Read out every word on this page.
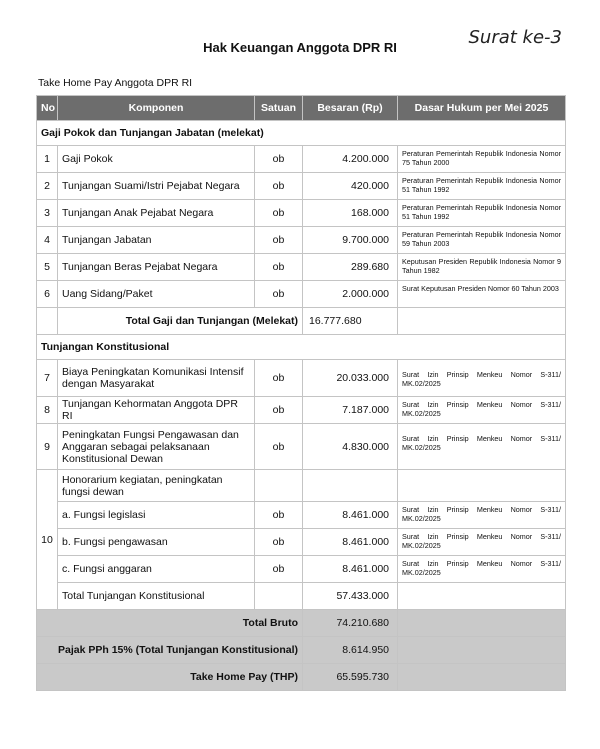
Surat ke-3
Hak Keuangan Anggota DPR RI
Take Home Pay Anggota DPR RI
No	Komponen	Satuan	Besaran (Rp)	Dasar Hukum per Mei 2025
Gaji Pokok dan Tunjangan Jabatan (melekat)				
1	Gaji Pokok	ob	4.200.000	Peraturan Pemerintah Republik Indonesia Nomor 75 Tahun 2000
2	Tunjangan Suami/Istri Pejabat Negara	ob	420.000	Peraturan Pemerintah Republik Indonesia Nomor 51 Tahun 1992
3	Tunjangan Anak Pejabat Negara	ob	168.000	Peraturan Pemerintah Republik Indonesia Nomor 51 Tahun 1992
4	Tunjangan Jabatan	ob	9.700.000	Peraturan Pemerintah Republik Indonesia Nomor 59 Tahun 2003
5	Tunjangan Beras Pejabat Negara	ob	289.680	Keputusan Presiden Republik Indonesia Nomor 9 Tahun 1982
6	Uang Sidang/Paket	ob	2.000.000	Surat Keputusan Presiden Nomor 60 Tahun 2003
	Total Gaji dan Tunjangan (Melekat)		16.777.680	
Tunjangan Konstitusional				
7	Biaya Peningkatan Komunikasi Intensif dengan Masyarakat	ob	20.033.000	Surat Izin Prinsip Menkeu Nomor S-311/ MK.02/2025
8	Tunjangan Kehormatan Anggota DPR RI	ob	7.187.000	Surat Izin Prinsip Menkeu Nomor S-311/ MK.02/2025
9	Peningkatan Fungsi Pengawasan dan Anggaran sebagai pelaksanaan Konstitusional Dewan	ob	4.830.000	Surat Izin Prinsip Menkeu Nomor S-311/ MK.02/2025
10	Honorarium kegiatan, peningkatan fungsi dewan			
	a. Fungsi legislasi	ob	8.461.000	Surat Izin Prinsip Menkeu Nomor S-311/ MK.02/2025
	b. Fungsi pengawasan	ob	8.461.000	Surat Izin Prinsip Menkeu Nomor S-311/ MK.02/2025
	c. Fungsi anggaran	ob	8.461.000	Surat Izin Prinsip Menkeu Nomor S-311/ MK.02/2025
	Total Tunjangan Konstitusional		57.433.000	
Total Bruto			74.210.680	
Pajak PPh 15% (Total Tunjangan Konstitusional)			8.614.950	
Take Home Pay (THP)			65.595.730	
